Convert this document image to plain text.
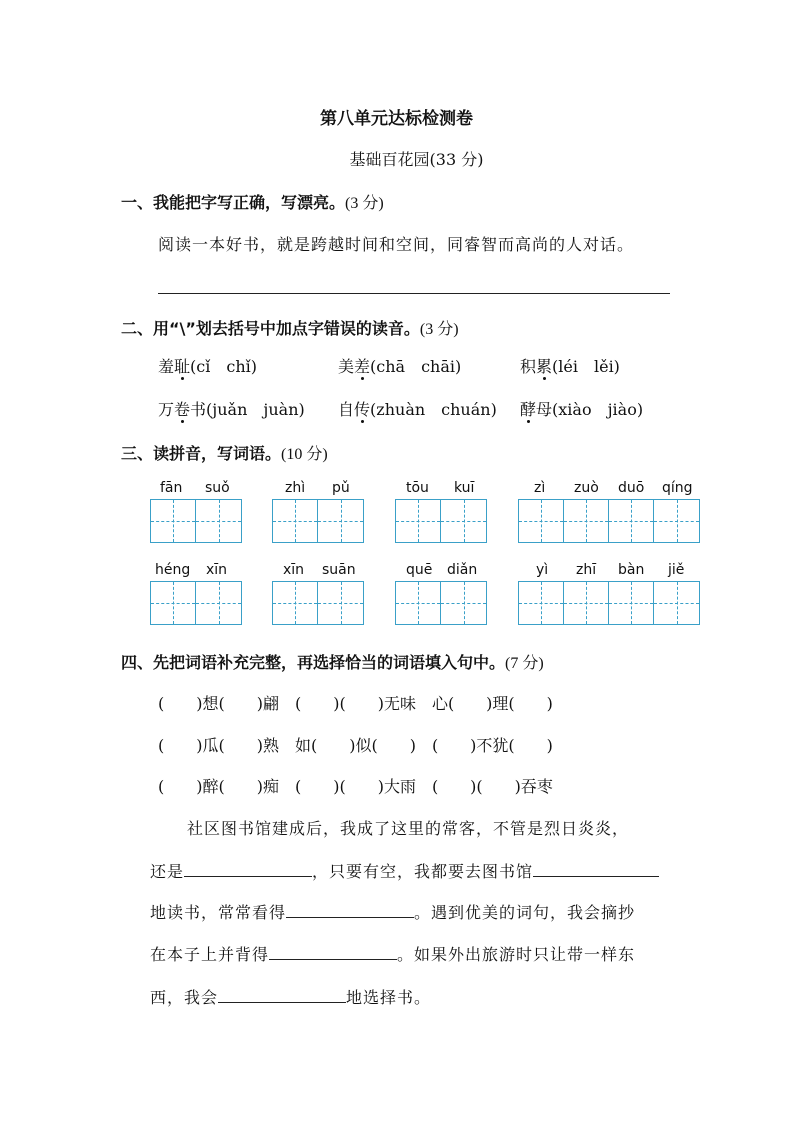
第八单元达标检测卷
基础百花园(33 分)
一、我能把字写正确，写漂亮。(3 分)
阅读一本好书，就是跨越时间和空间，同睿智而高尚的人对话。
二、用“\”划去括号中加点字错误的读音。(3 分)
羞耻(cǐ　chǐ)	美差(chā　chāi)	积累(léi　lěi)
万卷书(juǎn　juàn) 自传(zhuàn　chuán) 酵母(xiào　jiào)
三、读拼音，写词语。(10 分)
fān suǒ	zhì pǔ	tōu kuī	zì zuò duō qíng
héng xīn	xīn suān	quē diǎn	yì zhī bàn jiě
四、先把词语补充完整，再选择恰当的词语填入句中。(7 分)
(　　)想(　　)翩　(　　)(　　)无味　心(　　)理(　　)
(　　)瓜(　　)熟　如(　　)似(　　)　(　　)不犹(　　)
(　　)醉(　　)痴　(　　)(　　)大雨　(　　)(　　)吞枣
社区图书馆建成后，我成了这里的常客，不管是烈日炎炎，
还是	，只要有空，我都要去图书馆
地读书，常常看得	。遇到优美的词句，我会摘抄
在本子上并背得	。如果外出旅游时只让带一样东
西，我会	地选择书。
